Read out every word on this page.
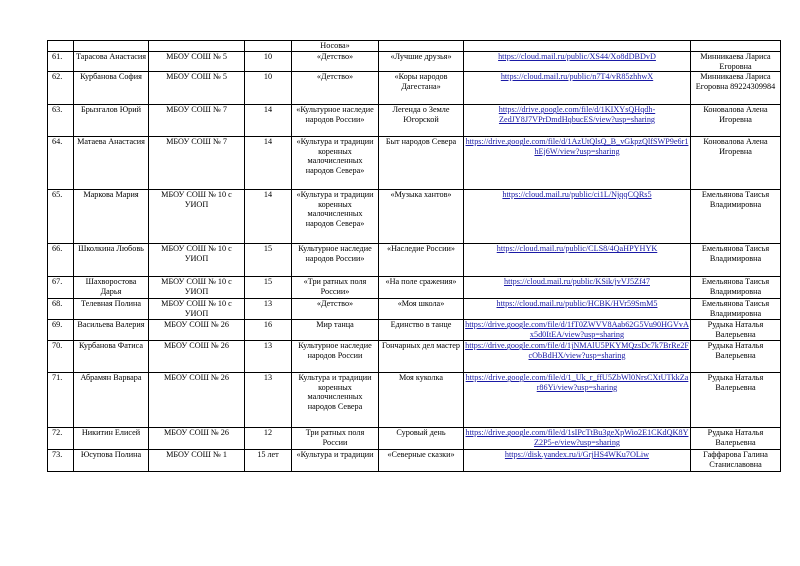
				Носова»			
61.	Тарасова Анастасия	МБОУ СОШ № 5	10	«Детство»	«Лучшие друзья»	https://cloud.mail.ru/public/XS44/Xo8dDBDvD	Минникаева Лариса Егоровна
62.	Курбанова София	МБОУ СОШ № 5	10	«Детство»	«Коры народов Дагестана»	https://cloud.mail.ru/public/n7T4/vR85zhhwX	Минникаева Лариса Егоровна 89224309984
63.	Брызгалов Юрий	МБОУ СОШ № 7	14	«Культурное наследие народов России»	Легенда о Земле Югорской	https://drive.google.com/file/d/1KIXYsQHqdh-ZedJY8J7VPrDmdHqbucES/view?usp=sharing	Коновалова Алена Игоревна
64.	Матаева Анастасия	МБОУ СОШ № 7	14	«Культура и традиции коренных малочисленных народов Севера»	Быт народов Севера	https://drive.google.com/file/d/1AzUtQlsQ_B_vGkpzQlfSWP9e6r1hEj6W/view?usp=sharing	Коновалова Алена Игоревна
65.	Маркова Мария	МБОУ СОШ № 10 с УИОП	14	«Культура и традиции коренных малочисленных народов Севера»	«Музыка хантов»	https://cloud.mail.ru/public/ci1L/NjqqCQRs5	Емельянова Таисья Владимировна
66.	Школкина Любовь	МБОУ СОШ № 10 с УИОП	15	Культурное наследие народов России»	«Наследие России»	https://cloud.mail.ru/public/CLS8/4QaHPYHYK	Емельянова Таисья Владимировна
67.	Шахворостова Дарья	МБОУ СОШ № 10 с УИОП	15	«Три ратных поля России»	«На поле сражения»	https://cloud.mail.ru/public/KSik/jvVJ5Zf47	Емельянова Таисья Владимировна
68.	Телевная Полина	МБОУ СОШ № 10 с УИОП	13	«Детство»	«Моя школа»	https://cloud.mail.ru/public/HCBK/HVr59SmM5	Емельянова Таисья Владимировна
69.	Васильева Валерия	МБОУ СОШ № 26	16	Мир танца	Единство в танце	https://drive.google.com/file/d/1fT0ZWVV8Aab62G5Vu90HGVvAx5d0ItEA/view?usp=sharing	Рудыка Наталья Валерьевна
70.	Курбанова Фатиса	МБОУ СОШ № 26	13	Культурное наследие народов России	Гончарных дел мастер	https://drive.google.com/file/d/1jNMAlU5PKYMQzsDc7k7BrRe2FcObBdHX/view?usp=sharing	Рудыка Наталья Валерьевна
71.	Абрамян Варвара	МБОУ СОШ № 26	13	Культура и традиции коренных малочисленных народов Севера	Моя куколка	https://drive.google.com/file/d/1_Uk_r_ffU5ZbWl0NrsCXtUTkkZar86Yi/view?usp=sharing	Рудыка Наталья Валерьевна
72.	Никитин Елисей	МБОУ СОШ № 26	12	Три ратных поля России	Суровый день	https://drive.google.com/file/d/1sIPcTtBu3geXpWio2E1CKdQK8YZ2P5-e/view?usp=sharing	Рудыка Наталья Валерьевна
73.	Юсупова Полина	МБОУ СОШ № 1	15 лет	«Культура и традиции	«Северные сказки»	https://disk.yandex.ru/i/GrjHS4WKu7OLiw	Гаффарова Галина Станиславовна
